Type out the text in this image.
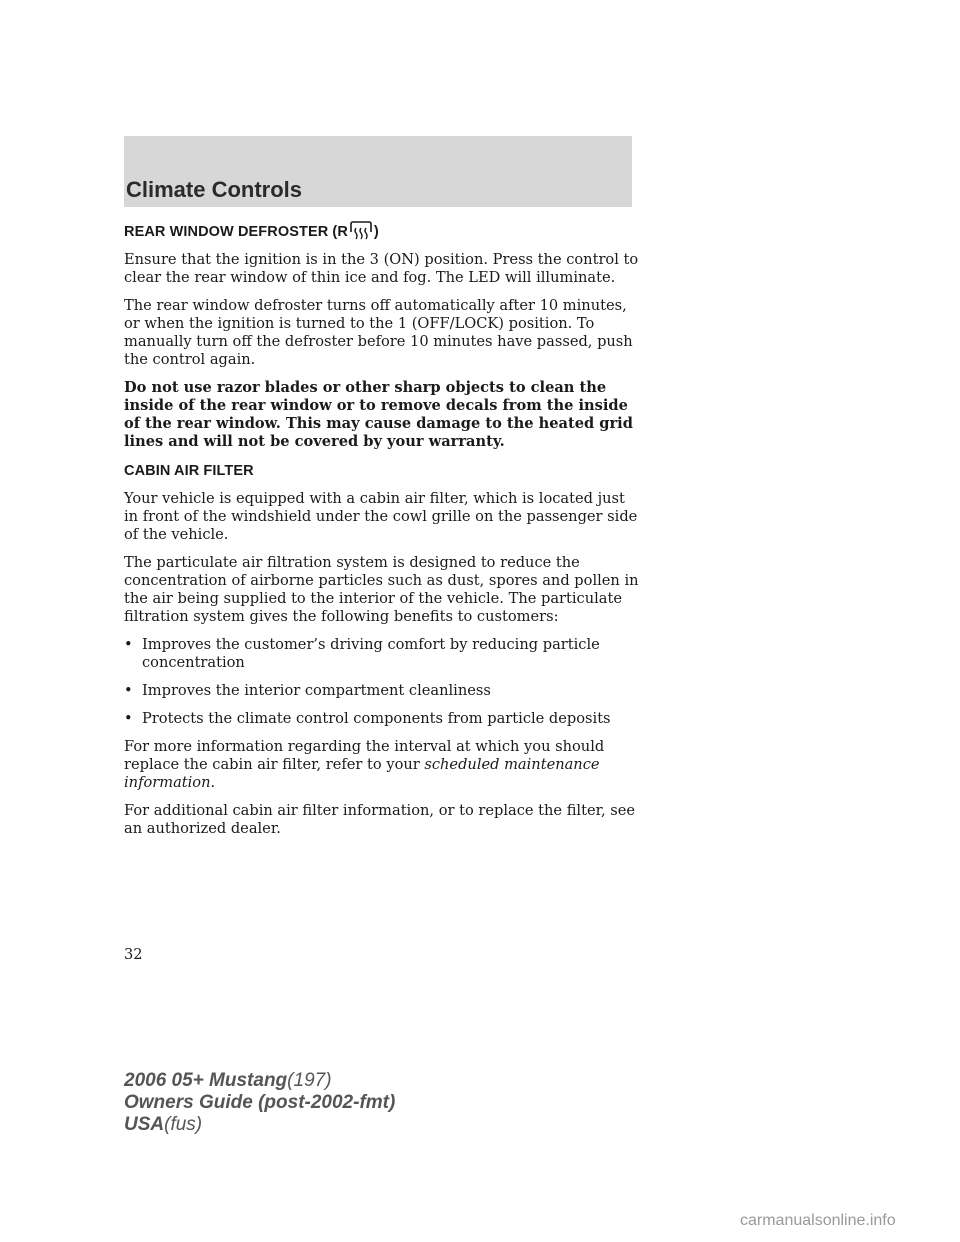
Climate Controls
REAR WINDOW DEFROSTER (R )

Ensure that the ignition is in the 3 (ON) position. Press the control to clear the rear window of thin ice and fog. The LED will illuminate.

The rear window defroster turns off automatically after 10 minutes, or when the ignition is turned to the 1 (OFF/LOCK) position. To manually turn off the defroster before 10 minutes have passed, push the control again.

Do not use razor blades or other sharp objects to clean the inside of the rear window or to remove decals from the inside of the rear window. This may cause damage to the heated grid lines and will not be covered by your warranty.

CABIN AIR FILTER

Your vehicle is equipped with a cabin air filter, which is located just in front of the windshield under the cowl grille on the passenger side of the vehicle.

The particulate air filtration system is designed to reduce the concentration of airborne particles such as dust, spores and pollen in the air being supplied to the interior of the vehicle. The particulate filtration system gives the following benefits to customers:

• Improves the customer’s driving comfort by reducing particle concentration
• Improves the interior compartment cleanliness
• Protects the climate control components from particle deposits

For more information regarding the interval at which you should replace the cabin air filter, refer to your scheduled maintenance information.

For additional cabin air filter information, or to replace the filter, see an authorized dealer.

32
2006 05+ Mustang(197)
Owners Guide (post-2002-fmt)
USA(fus)
carmanualsonline.info
